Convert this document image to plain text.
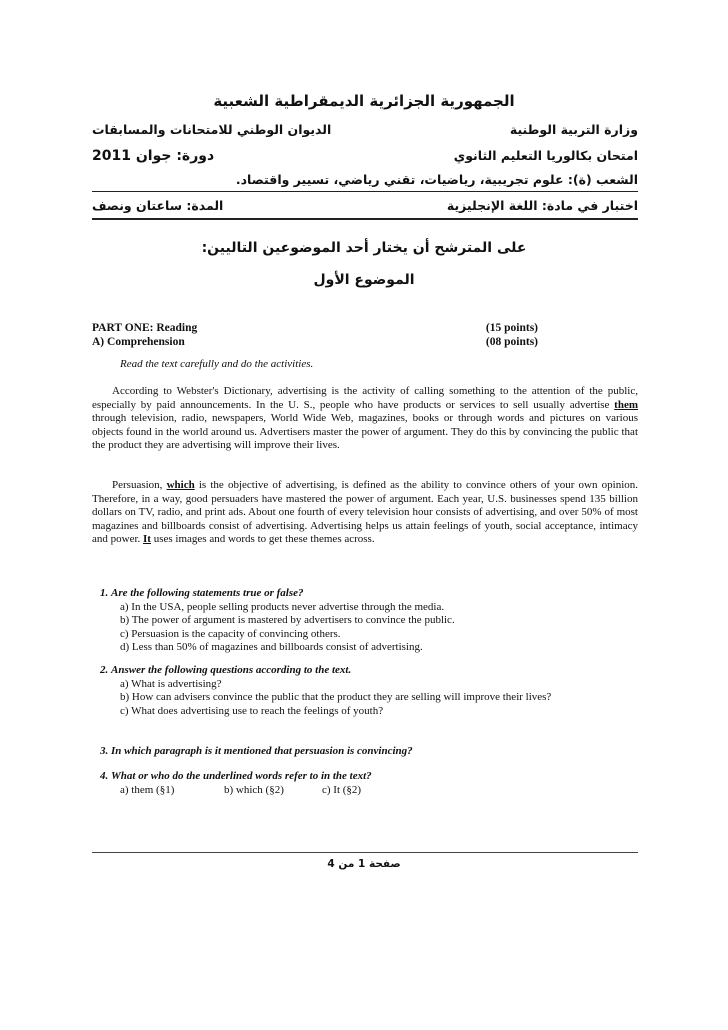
الجمهورية الجزائرية الديمقراطية الشعبية
وزارة التربية الوطنية
الديوان الوطني للامتحانات والمسابقات
امتحان بكالوريا التعليم الثانوي
دورة: جوان 2011
الشعب (ة): علوم تجريبية، رياضيات، تقني رياضي، تسيير واقتصاد.
اختبار في مادة: اللغة الإنجليزية
المدة: ساعتان ونصف
على المترشح أن يختار أحد الموضوعين التاليين:
الموضوع الأول
PART ONE: Reading	(15 points)
A) Comprehension	(08 points)
Read the text carefully and do the activities.
According to Webster's Dictionary, advertising is the activity of calling something to the attention of the public, especially by paid announcements. In the U. S., people who have products or services to sell usually advertise them through television, radio, newspapers, World Wide Web, magazines, books or through words and pictures on various objects found in the world around us. Advertisers master the power of argument. They do this by convincing the public that the product they are advertising will improve their lives.
Persuasion, which is the objective of advertising, is defined as the ability to convince others of your own opinion. Therefore, in a way, good persuaders have mastered the power of argument. Each year, U.S. businesses spend 135 billion dollars on TV, radio, and print ads. About one fourth of every television hour consists of advertising, and over 50% of most magazines and billboards consist of advertising. Advertising helps us attain feelings of youth, social acceptance, intimacy and power. It uses images and words to get these themes across.
1. Are the following statements true or false?
a) In the USA, people selling products never advertise through the media.
b) The power of argument is mastered by advertisers to convince the public.
c) Persuasion is the capacity of convincing others.
d) Less than 50% of magazines and billboards consist of advertising.
2. Answer the following questions according to the text.
a) What is advertising?
b) How can advisers convince the public that the product they are selling will improve their lives?
c) What does advertising use to reach the feelings of youth?
3. In which paragraph is it mentioned that persuasion is convincing?
4. What or who do the underlined words refer to in the text?
a) them (§1)	b) which (§2)	c) It (§2)
صفحة 1 من 4
